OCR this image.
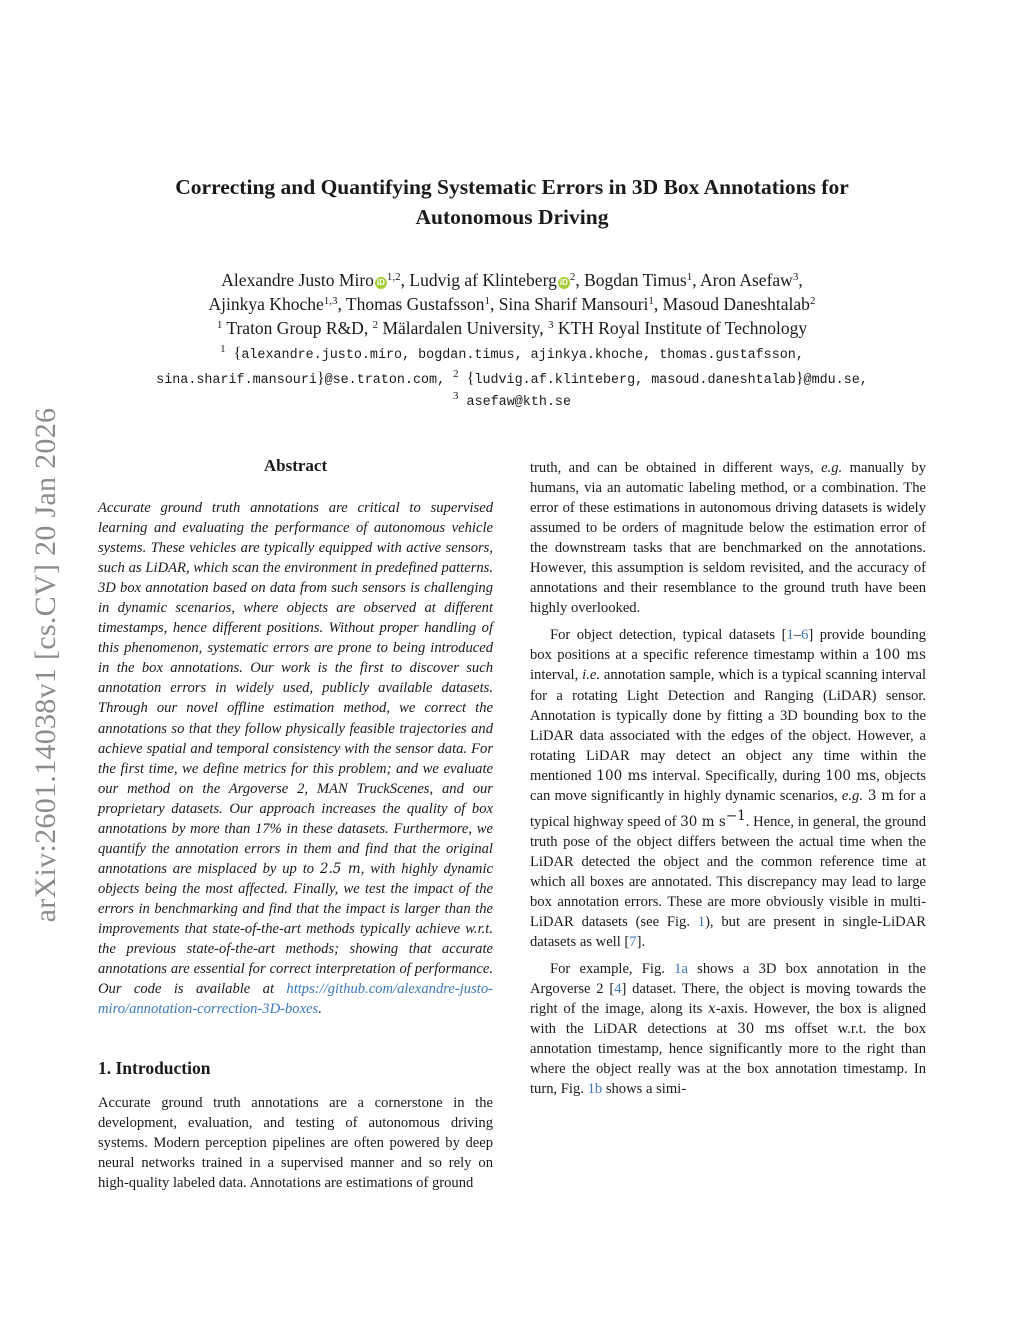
arXiv:2601.14038v1 [cs.CV] 20 Jan 2026
Correcting and Quantifying Systematic Errors in 3D Box Annotations for
Autonomous Driving
Alexandre Justo Miro iD $^{1,2}$, Ludvig af Klinteberg iD $^2$, Bogdan Timus$^1$, Aron Asefaw$^3$,
Ajinkya Khoche$^{1,3}$, Thomas Gustafsson$^1$, Sina Sharif Mansouri$^1$, Masoud Daneshtalab$^2$
$^1$ Traton Group R&D, $^2$ Mälardalen University, $^3$ KTH Royal Institute of Technology
$^1$ {alexandre.justo.miro, bogdan.timus, ajinkya.khoche, thomas.gustafsson,
sina.sharif.mansouri}@se.traton.com, $^2$ {ludvig.af.klinteberg, masoud.daneshtalab}@mdu.se,
$^3$ asefaw@kth.se
Abstract

Accurate ground truth annotations are critical to supervised learning and evaluating the performance of autonomous vehicle systems. These vehicles are typically equipped with active sensors, such as LiDAR, which scan the environment in predefined patterns. 3D box annotation based on data from such sensors is challenging in dynamic scenarios, where objects are observed at different timestamps, hence different positions. Without proper handling of this phenomenon, systematic errors are prone to being introduced in the box annotations. Our work is the first to discover such annotation errors in widely used, publicly available datasets. Through our novel offline estimation method, we correct the annotations so that they follow physically feasible trajectories and achieve spatial and temporal consistency with the sensor data. For the first time, we define metrics for this problem; and we evaluate our method on the Argoverse 2, MAN TruckScenes, and our proprietary datasets. Our approach increases the quality of box annotations by more than 17% in these datasets. Furthermore, we quantify the annotation errors in them and find that the original annotations are misplaced by up to 2.5 m, with highly dynamic objects being the most affected. Finally, we test the impact of the errors in benchmarking and find that the impact is larger than the improvements that state-of-the-art methods typically achieve w.r.t. the previous state-of-the-art methods; showing that accurate annotations are essential for correct interpretation of performance. Our code is available at https://github.com/alexandre-justo-miro/annotation-correction-3D-boxes.

1. Introduction

Accurate ground truth annotations are a cornerstone in the development, evaluation, and testing of autonomous driving systems. Modern perception pipelines are often powered by deep neural networks trained in a supervised manner and so rely on high-quality labeled data. Annotations are estimations of ground

truth, and can be obtained in different ways, e.g. manually by humans, via an automatic labeling method, or a combination. The error of these estimations in autonomous driving datasets is widely assumed to be orders of magnitude below the estimation error of the downstream tasks that are benchmarked on the annotations. However, this assumption is seldom revisited, and the accuracy of annotations and their resemblance to the ground truth have been highly overlooked.

For object detection, typical datasets [1–6] provide bounding box positions at a specific reference timestamp within a 100 ms interval, i.e. annotation sample, which is a typical scanning interval for a rotating Light Detection and Ranging (LiDAR) sensor. Annotation is typically done by fitting a 3D bounding box to the LiDAR data associated with the edges of the object. However, a rotating LiDAR may detect an object any time within the mentioned 100 ms interval. Specifically, during 100 ms, objects can move significantly in highly dynamic scenarios, e.g. 3 m for a typical highway speed of 30 m $s^{-1}$. Hence, in general, the ground truth pose of the object differs between the actual time when the LiDAR detected the object and the common reference time at which all boxes are annotated. This discrepancy may lead to large box annotation errors. These are more obviously visible in multi-LiDAR datasets (see Fig. 1), but are present in single-LiDAR datasets as well [7].

For example, Fig. 1a shows a 3D box annotation in the Argoverse 2 [4] dataset. There, the object is moving towards the right of the image, along its x-axis. However, the box is aligned with the LiDAR detections at 30 ms offset w.r.t. the box annotation timestamp, hence significantly more to the right than where the object really was at the box annotation timestamp. In turn, Fig. 1b shows a simi-
